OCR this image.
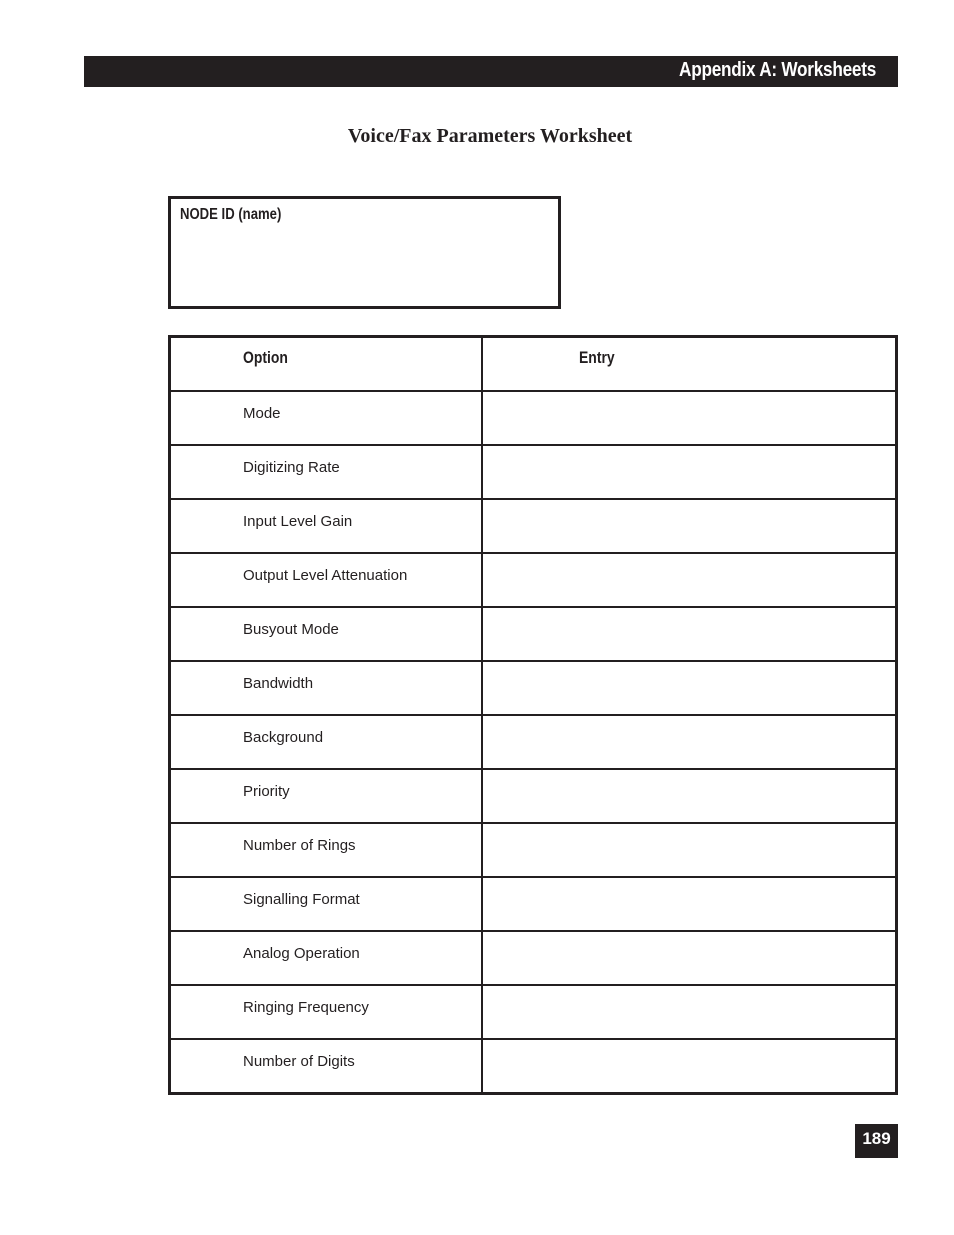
Appendix A: Worksheets
Voice/Fax Parameters Worksheet
NODE ID (name)
Option	Entry

Mode	

Digitizing Rate	

Input Level Gain	

Output Level Attenuation	

Busyout Mode	

Bandwidth	

Background	

Priority	

Number of Rings	

Signalling Format	

Analog Operation	

Ringing Frequency	

Number of Digits	

189
